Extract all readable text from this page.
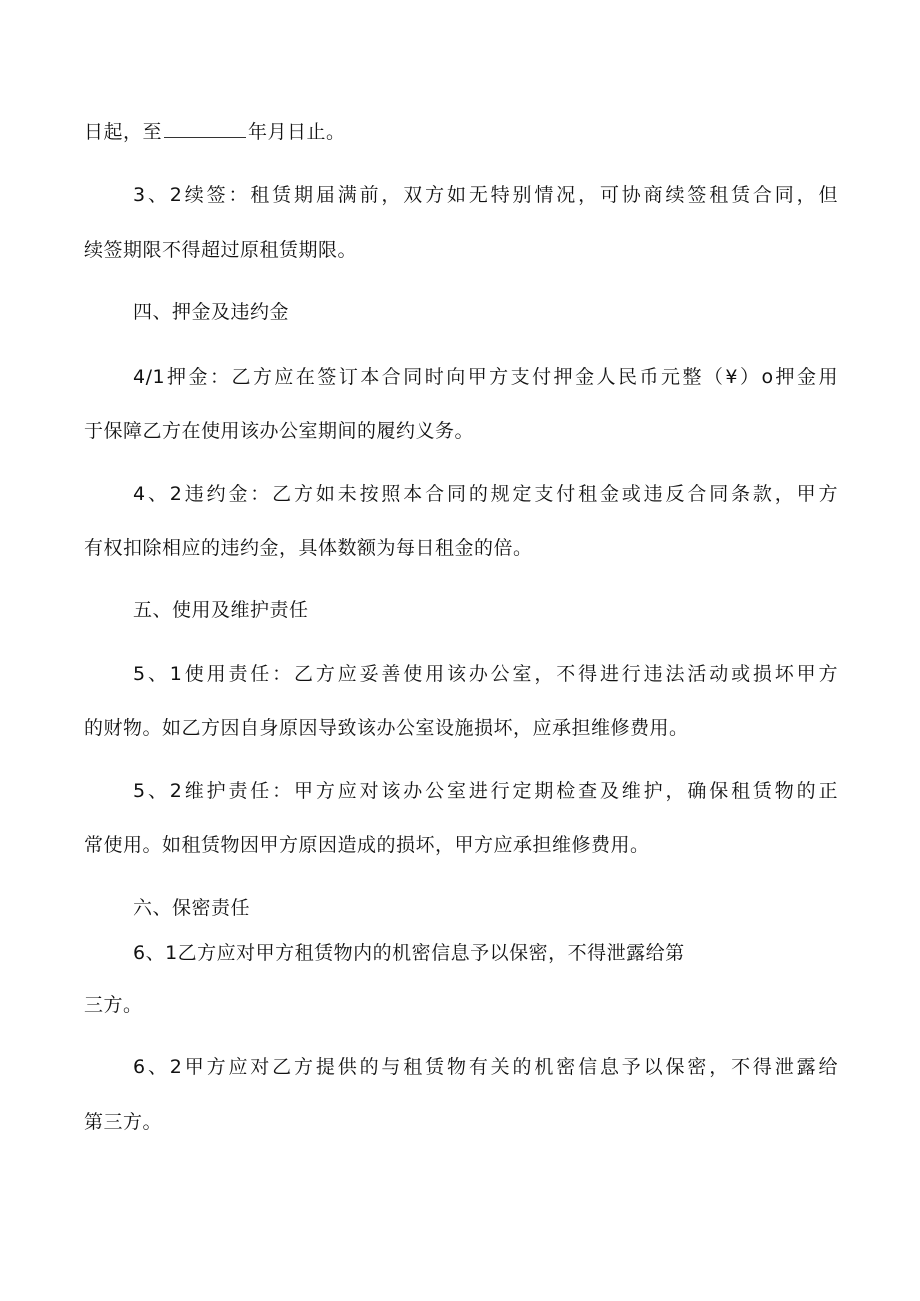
日起，至	年月日止。
3、2续签：租赁期届满前，双方如无特别情况，可协商续签租赁合同，但
续签期限不得超过原租赁期限。
四、押金及违约金
4/1押金：乙方应在签订本合同时向甲方支付押金人民币元整（¥）o押金用
于保障乙方在使用该办公室期间的履约义务。
4、2违约金：乙方如未按照本合同的规定支付租金或违反合同条款，甲方
有权扣除相应的违约金，具体数额为每日租金的倍。
五、使用及维护责任
5、1使用责任：乙方应妥善使用该办公室，不得进行违法活动或损坏甲方
的财物。如乙方因自身原因导致该办公室设施损坏，应承担维修费用。
5、2维护责任：甲方应对该办公室进行定期检查及维护，确保租赁物的正
常使用。如租赁物因甲方原因造成的损坏，甲方应承担维修费用。
六、保密责任
6、1乙方应对甲方租赁物内的机密信息予以保密，不得泄露给第
三方。
6、2甲方应对乙方提供的与租赁物有关的机密信息予以保密，不得泄露给
第三方。
